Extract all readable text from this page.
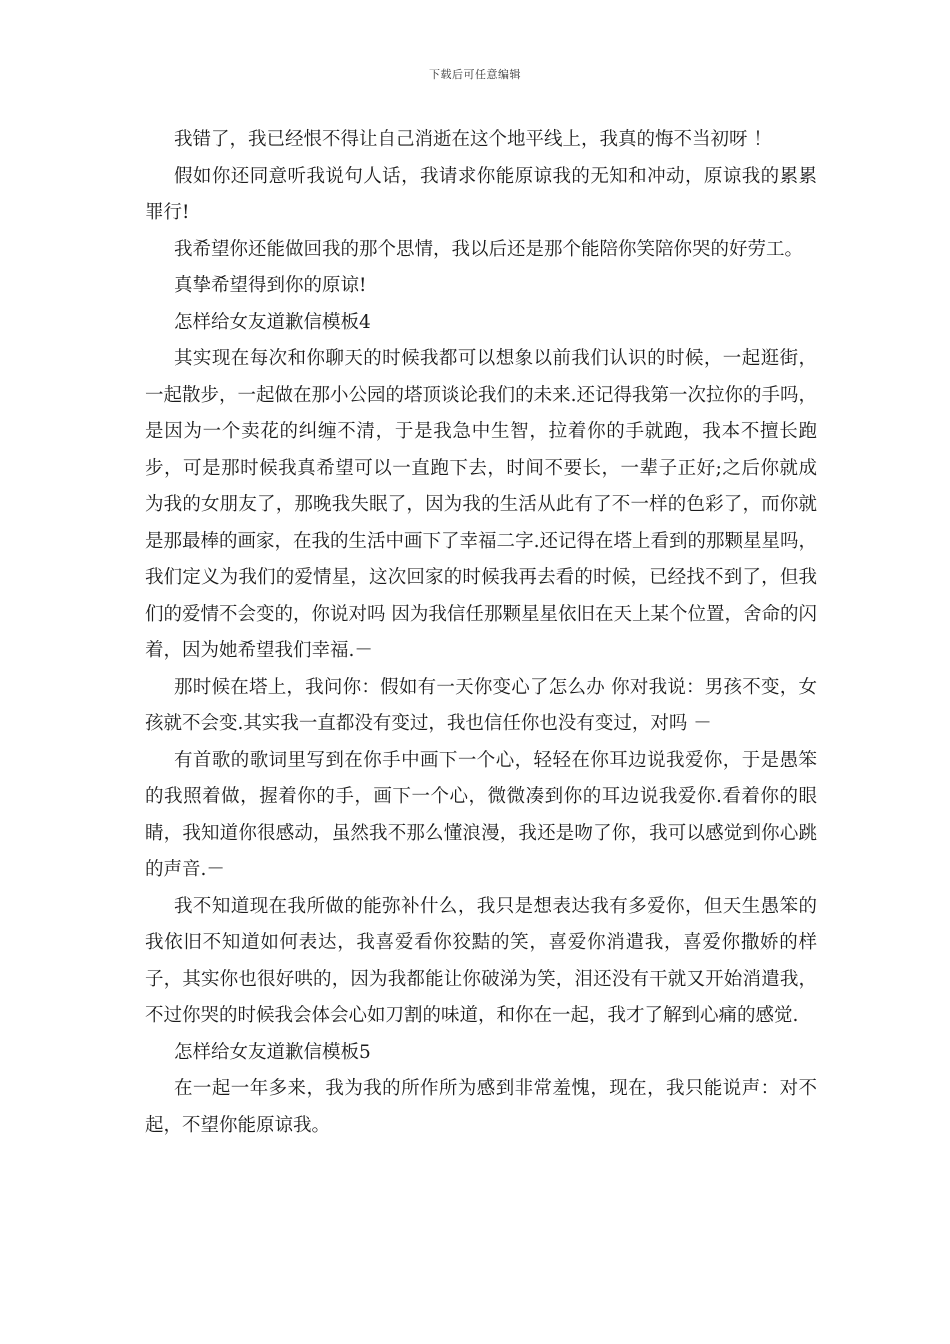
下载后可任意编辑

我错了，我已经恨不得让自己消逝在这个地平线上，我真的悔不当初呀 ！

假如你还同意听我说句人话，我请求你能原谅我的无知和冲动，原谅我的累累罪行!

我希望你还能做回我的那个思情，我以后还是那个能陪你笑陪你哭的好劳工。

真挚希望得到你的原谅!

怎样给女友道歉信模板4

其实现在每次和你聊天的时候我都可以想象以前我们认识的时候，一起逛街，一起散步，一起做在那小公园的塔顶谈论我们的未来.还记得我第一次拉你的手吗，是因为一个卖花的纠缠不清，于是我急中生智，拉着你的手就跑，我本不擅长跑步，可是那时候我真希望可以一直跑下去，时间不要长，一辈子正好;之后你就成为我的女朋友了，那晚我失眠了，因为我的生活从此有了不一样的色彩了，而你就是那最棒的画家，在我的生活中画下了幸福二字.还记得在塔上看到的那颗星星吗，我们定义为我们的爱情星，这次回家的时候我再去看的时候，已经找不到了，但我们的爱情不会变的，你说对吗 因为我信任那颗星星依旧在天上某个位置，舍命的闪着，因为她希望我们幸福.－

那时候在塔上，我问你：假如有一天你变心了怎么办 你对我说：男孩不变，女孩就不会变.其实我一直都没有变过，我也信任你也没有变过，对吗 －

有首歌的歌词里写到在你手中画下一个心，轻轻在你耳边说我爱你，于是愚笨的我照着做，握着你的手，画下一个心，微微凑到你的耳边说我爱你.看着你的眼睛，我知道你很感动，虽然我不那么懂浪漫，我还是吻了你，我可以感觉到你心跳的声音.－

我不知道现在我所做的能弥补什么，我只是想表达我有多爱你，但天生愚笨的我依旧不知道如何表达，我喜爱看你狡黠的笑，喜爱你消遣我，喜爱你撒娇的样子，其实你也很好哄的，因为我都能让你破涕为笑，泪还没有干就又开始消遣我，不过你哭的时候我会体会心如刀割的味道，和你在一起，我才了解到心痛的感觉.

怎样给女友道歉信模板5

在一起一年多来，我为我的所作所为感到非常羞愧，现在，我只能说声：对不起，不望你能原谅我。
